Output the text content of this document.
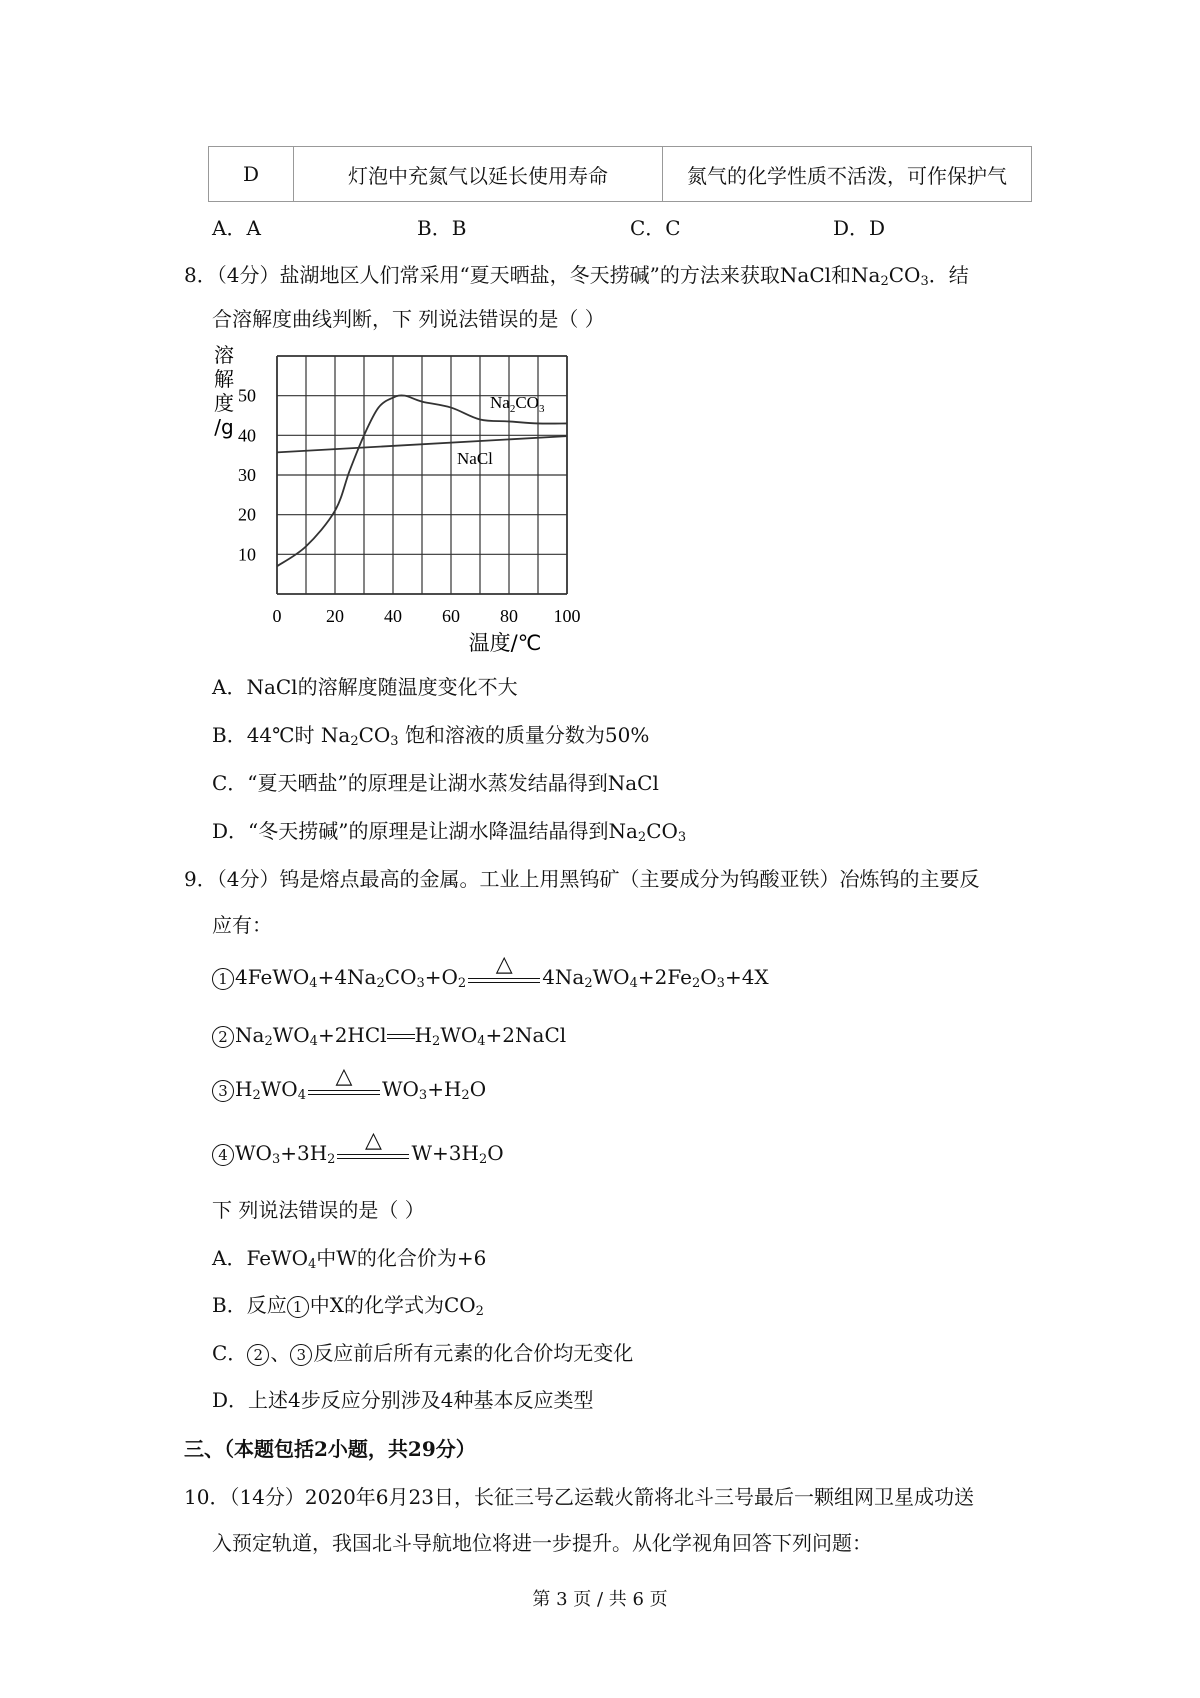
D	灯泡中充氮气以延长使用寿命	氮气的化学性质不活泼，可作保护气
A．A	B．B	C．C	D．D
8．（4分）盐湖地区人们常采用“夏天晒盐，冬天捞碱”的方法来获取NaCl和$Na_2CO_3$．结
合溶解度曲线判断，下 列说法错误的是（ ）
溶
解
度
/g
10
20
30
40
50
0 20 40 60 80 100
$Na_2CO_3$
NaCl
温度/℃
A．NaCl的溶解度随温度变化不大
B．44℃时 $Na_2CO_3$ 饱和溶液的质量分数为50%
C．“夏天晒盐”的原理是让湖水蒸发结晶得到NaCl
D．“冬天捞碱”的原理是让湖水降温结晶得到$Na_2CO_3$
9．（4分）钨是熔点最高的金属。工业上用黑钨矿（主要成分为钨酸亚铁）冶炼钨的主要反
应有：
1 $4FeWO_4+4Na_2CO_3+O_2$
△
$4Na_2WO_4+2Fe_2O_3+4X$
2 $Na_2WO_4+2HCl$ $H_2WO_4+2NaCl$
3 $H_2WO_4$
△
$WO_3+H_2O$
4 $WO_3+3H_2$
△
$W+3H_2O$
下 列说法错误的是（ ）
A．FeWO$_4$中W的化合价为+6
B．反应 1 中X的化学式为$CO_2$
C． 2 、 3 反应前后所有元素的化合价均无变化
D．上述4步反应分别涉及4种基本反应类型
三、（本题包括2小题，共29分）
10．（14分）2020年6月23日，长征三号乙运载火箭将北斗三号最后一颗组网卫星成功送
入预定轨道，我国北斗导航地位将进一步提升。从化学视角回答下列问题：
第 3 页 / 共 6 页
